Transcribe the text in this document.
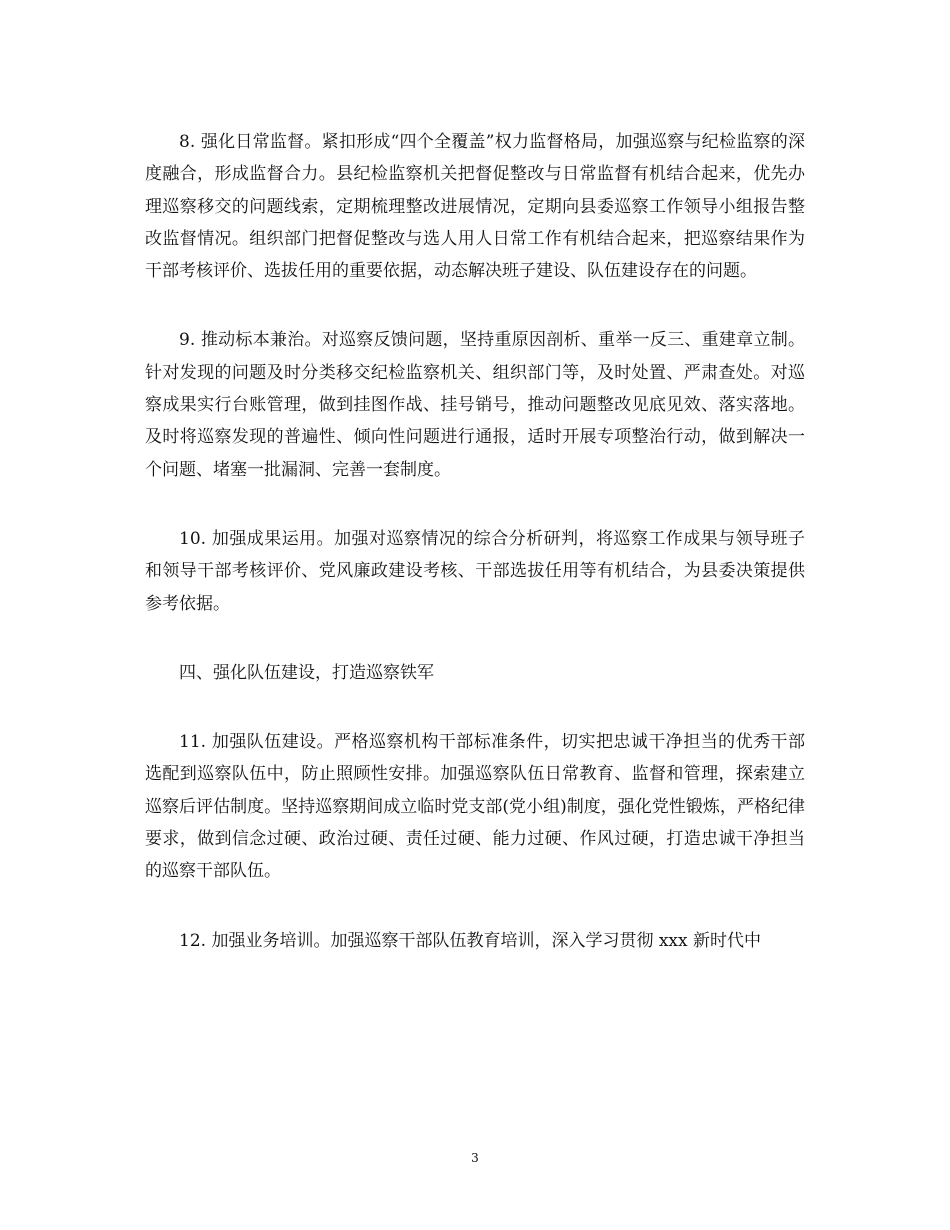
8. 强化日常监督。紧扣形成“四个全覆盖”权力监督格局，加强巡察与纪检监察的深度融合，形成监督合力。县纪检监察机关把督促整改与日常监督有机结合起来，优先办理巡察移交的问题线索，定期梳理整改进展情况，定期向县委巡察工作领导小组报告整改监督情况。组织部门把督促整改与选人用人日常工作有机结合起来，把巡察结果作为干部考核评价、选拔任用的重要依据，动态解决班子建设、队伍建设存在的问题。

9. 推动标本兼治。对巡察反馈问题，坚持重原因剖析、重举一反三、重建章立制。针对发现的问题及时分类移交纪检监察机关、组织部门等，及时处置、严肃查处。对巡察成果实行台账管理，做到挂图作战、挂号销号，推动问题整改见底见效、落实落地。及时将巡察发现的普遍性、倾向性问题进行通报，适时开展专项整治行动，做到解决一个问题、堵塞一批漏洞、完善一套制度。

10. 加强成果运用。加强对巡察情况的综合分析研判，将巡察工作成果与领导班子和领导干部考核评价、党风廉政建设考核、干部选拔任用等有机结合，为县委决策提供参考依据。

四、强化队伍建设，打造巡察铁军

11. 加强队伍建设。严格巡察机构干部标准条件，切实把忠诚干净担当的优秀干部选配到巡察队伍中，防止照顾性安排。加强巡察队伍日常教育、监督和管理，探索建立巡察后评估制度。坚持巡察期间成立临时党支部(党小组)制度，强化党性锻炼，严格纪律要求，做到信念过硬、政治过硬、责任过硬、能力过硬、作风过硬，打造忠诚干净担当的巡察干部队伍。

12. 加强业务培训。加强巡察干部队伍教育培训，深入学习贯彻 xxx 新时代中

3
